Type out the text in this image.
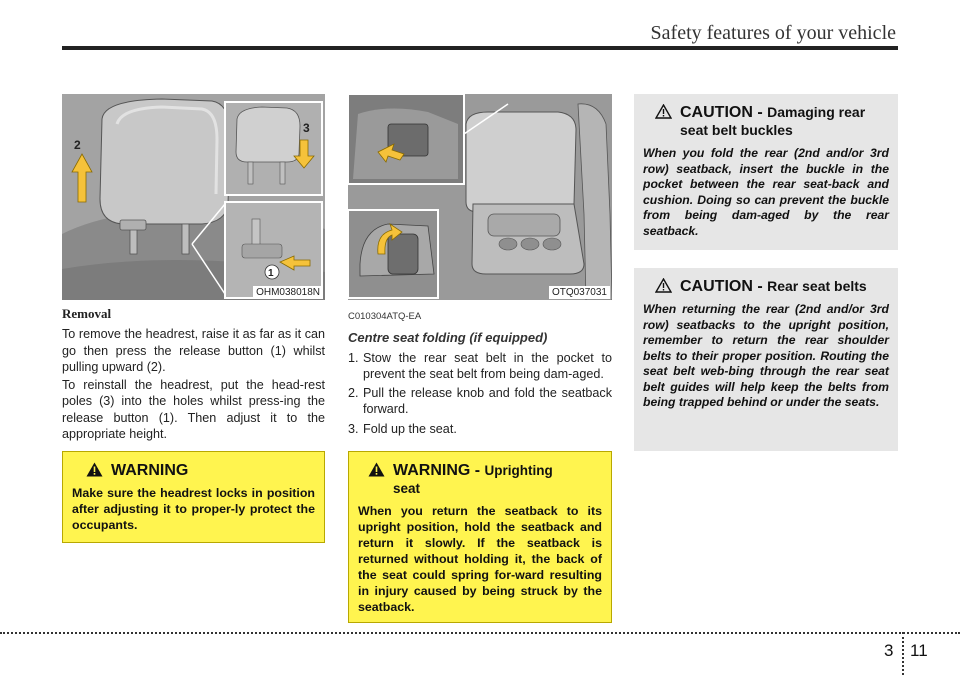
Safety features of your vehicle
2
3
1
OHM038018N	OTQ037031
Removal
To remove the headrest, raise it as far as it can go then press the release button (1) whilst pulling upward (2).
To reinstall the headrest, put the head-rest poles (3) into the holes whilst press-ing the release button (1). Then adjust it to the appropriate height.
C010304ATQ-EA
Centre seat folding (if equipped)
1. Stow the rear seat belt in the pocket to prevent the seat belt from being dam-aged.
2. Pull the release knob and fold the seatback forward.
3. Fold up the seat.
WARNING
Make sure the headrest locks in position after adjusting it to proper-ly protect the occupants.
WARNING - Uprighting seat
When you return the seatback to its upright position, hold the seatback and return it slowly. If the seatback is returned without holding it, the back of the seat could spring for-ward resulting in injury caused by being struck by the seatback.
CAUTION - Damaging rear seat belt buckles
When you fold the rear (2nd and/or 3rd row) seatback, insert the buckle in the pocket between the rear seat-back and cushion. Doing so can prevent the buckle from being dam-aged by the rear seatback.
CAUTION - Rear seat belts
When returning the rear (2nd and/or 3rd row) seatbacks to the upright position, remember to return the rear shoulder belts to their proper position. Routing the seat belt web-bing through the rear seat belt guides will help keep the belts from being trapped behind or under the seats.
3 11
